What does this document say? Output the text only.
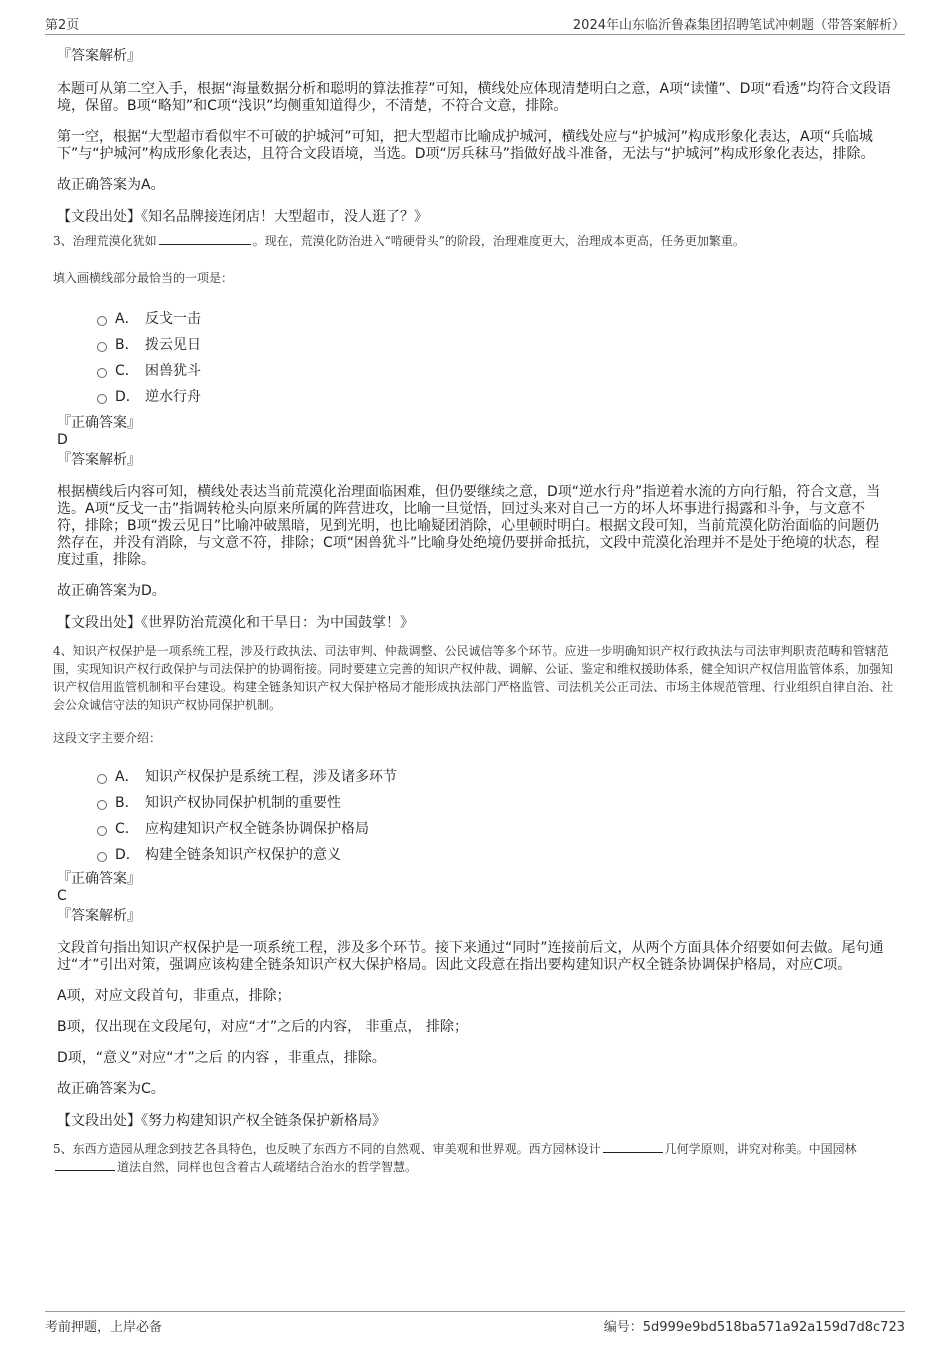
第2页	2024年山东临沂鲁森集团招聘笔试冲刺题（带答案解析）

『答案解析』

本题可从第二空入手，根据“海量数据分析和聪明的算法推荐”可知，横线处应体现清楚明白之意，A项“读懂”、D项“看透”均符合文段语境，保留。B项“略知”和C项“浅识”均侧重知道得少，不清楚，不符合文意，排除。

第一空，根据“大型超市看似牢不可破的护城河”可知，把大型超市比喻成护城河，横线处应与“护城河”构成形象化表达，A项“兵临城下”与“护城河”构成形象化表达，且符合文段语境，当选。D项“厉兵秣马”指做好战斗准备，无法与“护城河”构成形象化表达，排除。

故正确答案为A。

【文段出处】《知名品牌接连闭店！大型超市，没人逛了？》

3、治理荒漠化犹如	。现在，荒漠化防治进入“啃硬骨头”的阶段，治理难度更大，治理成本更高，任务更加繁重。

填入画横线部分最恰当的一项是：

A． 反戈一击
B． 拨云见日
C． 困兽犹斗
D． 逆水行舟

『正确答案』

D

『答案解析』

根据横线后内容可知，横线处表达当前荒漠化治理面临困难，但仍要继续之意，D项“逆水行舟”指逆着水流的方向行船，符合文意，当选。A项“反戈一击”指调转枪头向原来所属的阵营进攻，比喻一旦觉悟，回过头来对自己一方的坏人坏事进行揭露和斗争，与文意不符，排除；B项“拨云见日”比喻冲破黑暗，见到光明，也比喻疑团消除，心里顿时明白。根据文段可知，当前荒漠化防治面临的问题仍然存在，并没有消除，与文意不符，排除；C项“困兽犹斗”比喻身处绝境仍要拼命抵抗，文段中荒漠化治理并不是处于绝境的状态，程度过重，排除。

故正确答案为D。

【文段出处】《世界防治荒漠化和干旱日：为中国鼓掌！》

4、知识产权保护是一项系统工程，涉及行政执法、司法审判、仲裁调整、公民诚信等多个环节。应进一步明确知识产权行政执法与司法审判职责范畴和管辖范围，实现知识产权行政保护与司法保护的协调衔接。同时要建立完善的知识产权仲裁、调解、公证、鉴定和维权援助体系，健全知识产权信用监管体系，加强知识产权信用监管机制和平台建设。构建全链条知识产权大保护格局才能形成执法部门严格监管、司法机关公正司法、市场主体规范管理、行业组织自律自治、社会公众诚信守法的知识产权协同保护机制。

这段文字主要介绍：

A． 知识产权保护是系统工程，涉及诸多环节
B． 知识产权协同保护机制的重要性
C． 应构建知识产权全链条协调保护格局
D． 构建全链条知识产权保护的意义

『正确答案』

C

『答案解析』

文段首句指出知识产权保护是一项系统工程，涉及多个环节。接下来通过“同时”连接前后文，从两个方面具体介绍要如何去做。尾句通过“才”引出对策，强调应该构建全链条知识产权大保护格局。因此文段意在指出要构建知识产权全链条协调保护格局，对应C项。

A项，对应文段首句，非重点，排除；

B项，仅出现在文段尾句，对应“才”之后的内容， 非重点， 排除；

D项，“意义”对应“才”之后 的内容 ，非重点，排除。

故正确答案为C。

【文段出处】《努力构建知识产权全链条保护新格局》

5、东西方造园从理念到技艺各具特色，也反映了东西方不同的自然观、审美观和世界观。西方园林设计	几何学原则，讲究对称美。中国园林道法自然，同样也包含着古人疏堵结合治水的哲学智慧。

考前押题，上岸必备	编号：5d999e9bd518ba571a92a159d7d8c723
